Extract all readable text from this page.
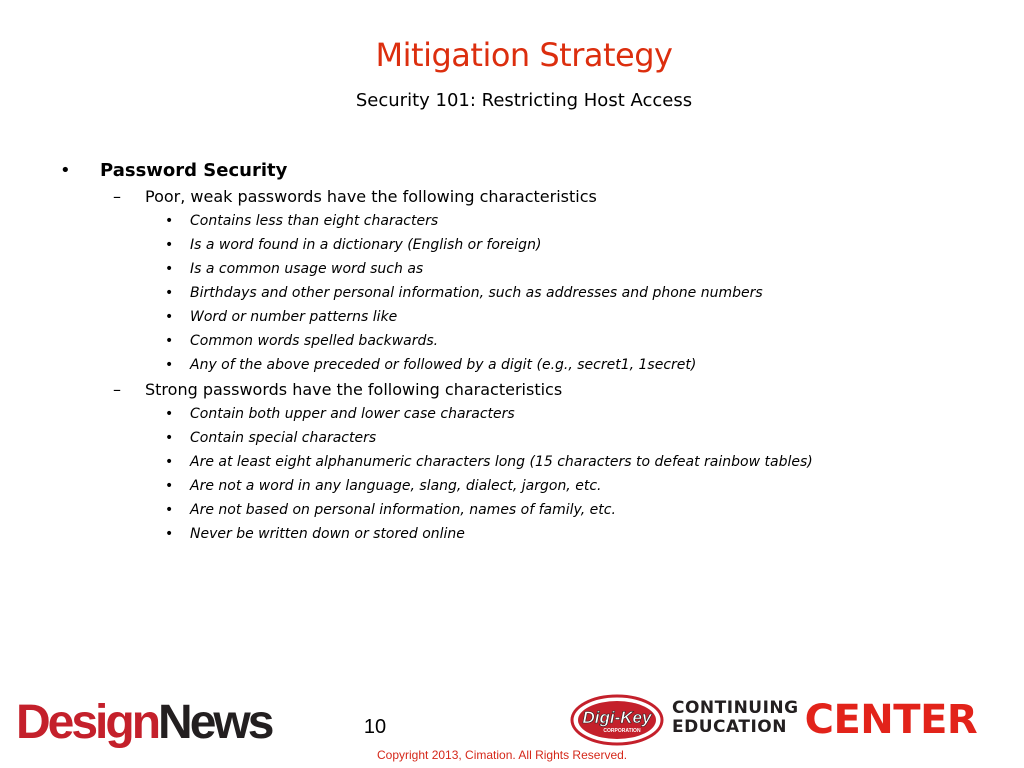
Mitigation Strategy
Security 101: Restricting Host Access
• Password Security
– Poor, weak passwords have the following characteristics
• Contains less than eight characters
• Is a word found in a dictionary (English or foreign)
• Is a common usage word such as
• Birthdays and other personal information, such as addresses and phone numbers
• Word or number patterns like
• Common words spelled backwards.
• Any of the above preceded or followed by a digit (e.g., secret1, 1secret)
– Strong passwords have the following characteristics
• Contain both upper and lower case characters
• Contain special characters
• Are at least eight alphanumeric characters long (15 characters to defeat rainbow tables)
• Are not a word in any language, slang, dialect, jargon, etc.
• Are not based on personal information, names of family, etc.
• Never be written down or stored online
DesignNews	10
Copyright 2013, Cimation. All Rights Reserved.
Digi-Key
CORPORATION
CONTINUING
EDUCATION CENTER
